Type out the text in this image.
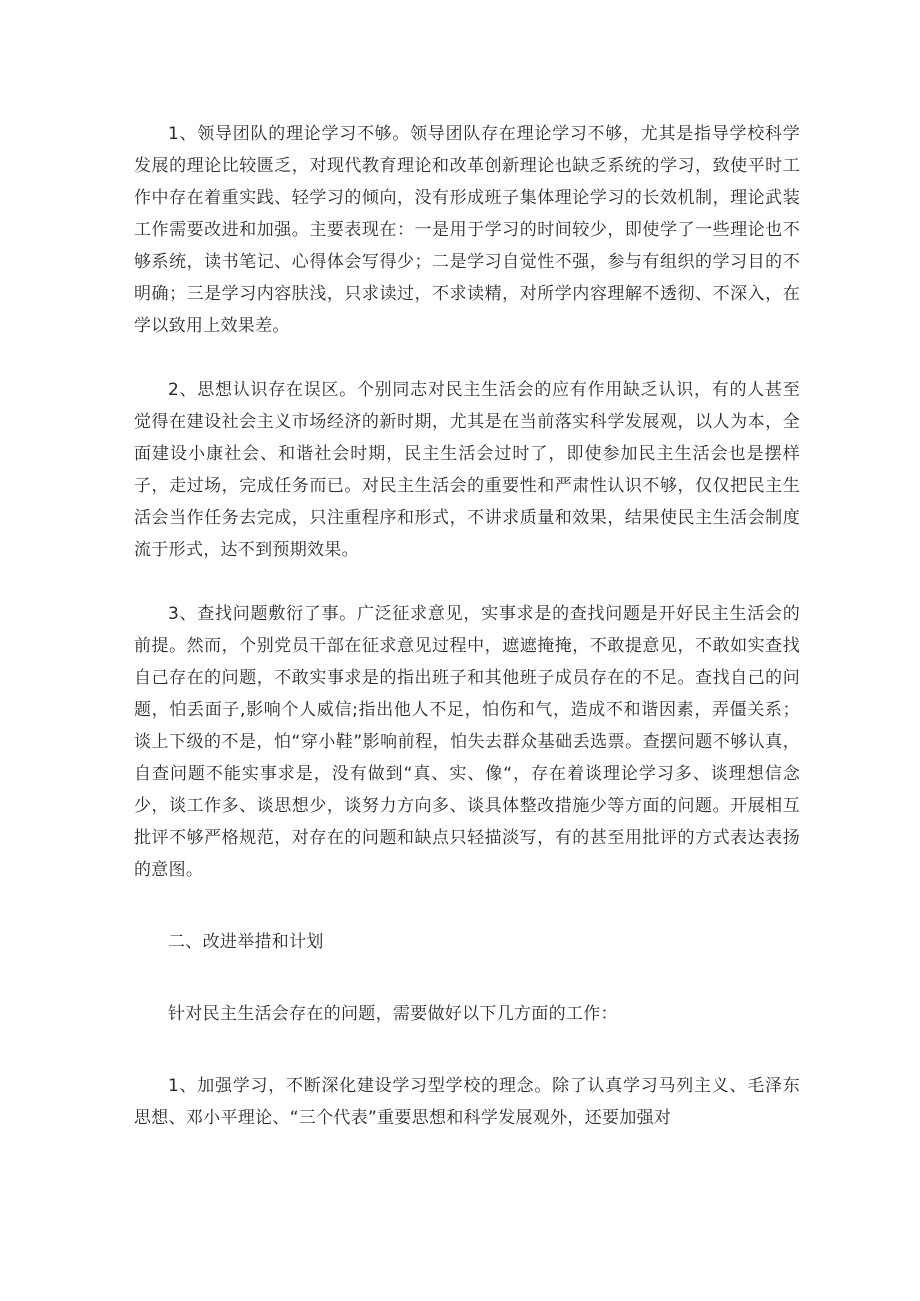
1、领导团队的理论学习不够。领导团队存在理论学习不够，尤其是指导学校科学发展的理论比较匮乏，对现代教育理论和改革创新理论也缺乏系统的学习，致使平时工作中存在着重实践、轻学习的倾向，没有形成班子集体理论学习的长效机制，理论武装工作需要改进和加强。主要表现在：一是用于学习的时间较少，即使学了一些理论也不够系统，读书笔记、心得体会写得少；二是学习自觉性不强，参与有组织的学习目的不明确；三是学习内容肤浅，只求读过，不求读精，对所学内容理解不透彻、不深入，在学以致用上效果差。

2、思想认识存在误区。个别同志对民主生活会的应有作用缺乏认识，有的人甚至觉得在建设社会主义市场经济的新时期，尤其是在当前落实科学发展观，以人为本，全面建设小康社会、和谐社会时期，民主生活会过时了，即使参加民主生活会也是摆样子，走过场，完成任务而已。对民主生活会的重要性和严肃性认识不够，仅仅把民主生活会当作任务去完成，只注重程序和形式，不讲求质量和效果，结果使民主生活会制度流于形式，达不到预期效果。

3、查找问题敷衍了事。广泛征求意见，实事求是的查找问题是开好民主生活会的前提。然而，个别党员干部在征求意见过程中，遮遮掩掩，不敢提意见，不敢如实查找自己存在的问题，不敢实事求是的指出班子和其他班子成员存在的不足。查找自己的问题，怕丢面子,影响个人威信;指出他人不足，怕伤和气，造成不和谐因素，弄僵关系；谈上下级的不是，怕“穿小鞋”影响前程，怕失去群众基础丢选票。查摆问题不够认真，自查问题不能实事求是，没有做到“真、实、像“，存在着谈理论学习多、谈理想信念少，谈工作多、谈思想少，谈努力方向多、谈具体整改措施少等方面的问题。开展相互批评不够严格规范，对存在的问题和缺点只轻描淡写，有的甚至用批评的方式表达表扬的意图。

二、改进举措和计划

针对民主生活会存在的问题，需要做好以下几方面的工作：

1、加强学习，不断深化建设学习型学校的理念。除了认真学习马列主义、毛泽东思想、邓小平理论、“三个代表”重要思想和科学发展观外，还要加强对
